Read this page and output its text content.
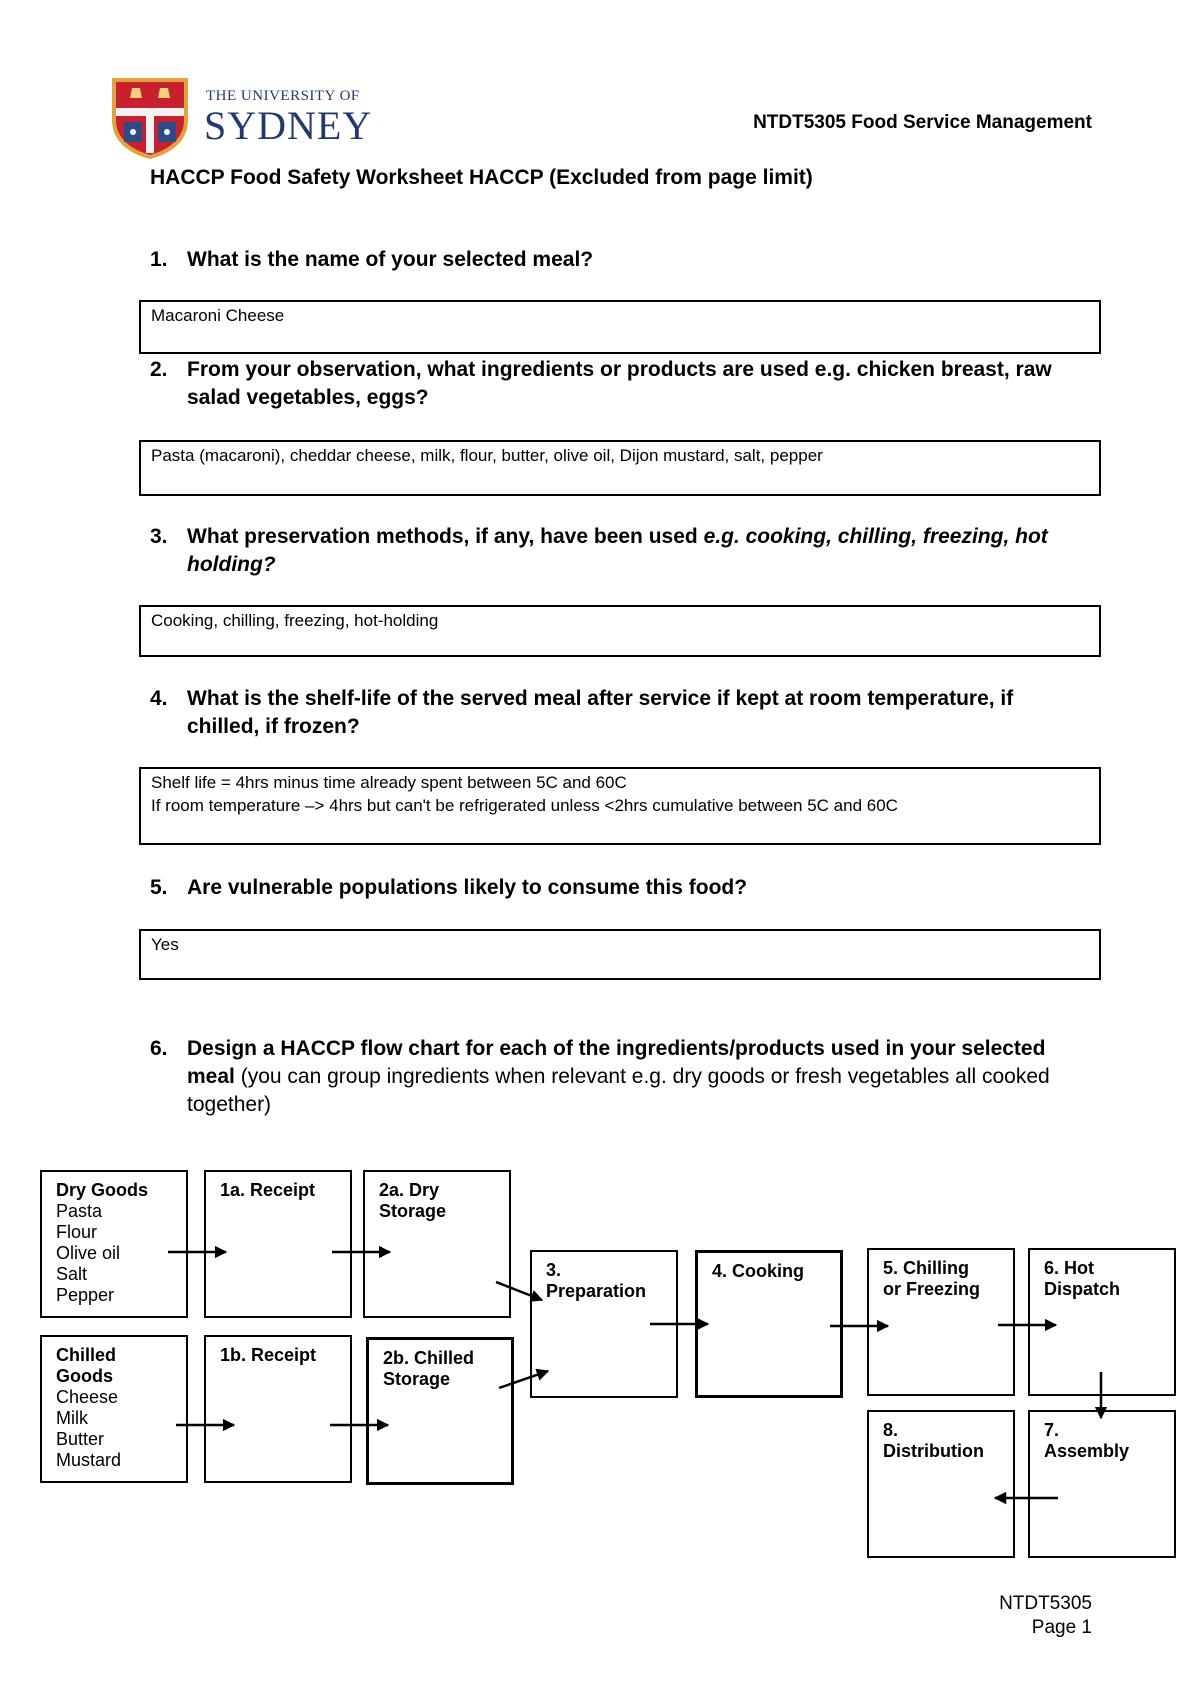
THE UNIVERSITY OF
SYDNEY	NTDT5305 Food Service Management
HACCP Food Safety Worksheet HACCP (Excluded from page limit)
1. What is the name of your selected meal?
Macaroni Cheese
2. From your observation, what ingredients or products are used e.g. chicken breast, raw salad vegetables, eggs?
Pasta (macaroni), cheddar cheese, milk, flour, butter, olive oil, Dijon mustard, salt, pepper
3. What preservation methods, if any, have been used e.g. cooking, chilling, freezing, hot holding?
Cooking, chilling, freezing, hot-holding
4. What is the shelf-life of the served meal after service if kept at room temperature, if chilled, if frozen?
Shelf life = 4hrs minus time already spent between 5C and 60C
If room temperature –> 4hrs but can't be refrigerated unless <2hrs cumulative between 5C and 60C
5. Are vulnerable populations likely to consume this food?
Yes
6. Design a HACCP flow chart for each of the ingredients/products used in your selected meal (you can group ingredients when relevant e.g. dry goods or fresh vegetables all cooked together)
Dry Goods
Pasta
Flour
Olive oil
Salt
Pepper
Chilled
Goods
Cheese
Milk
Butter
Mustard
1a. Receipt
1b. Receipt
2a. Dry
Storage
2b. Chilled
Storage
3.
Preparation
4. Cooking	5. Chilling
or Freezing
6. Hot
Dispatch
7.
Assembly
8.
Distribution
NTDT5305
Page 1
